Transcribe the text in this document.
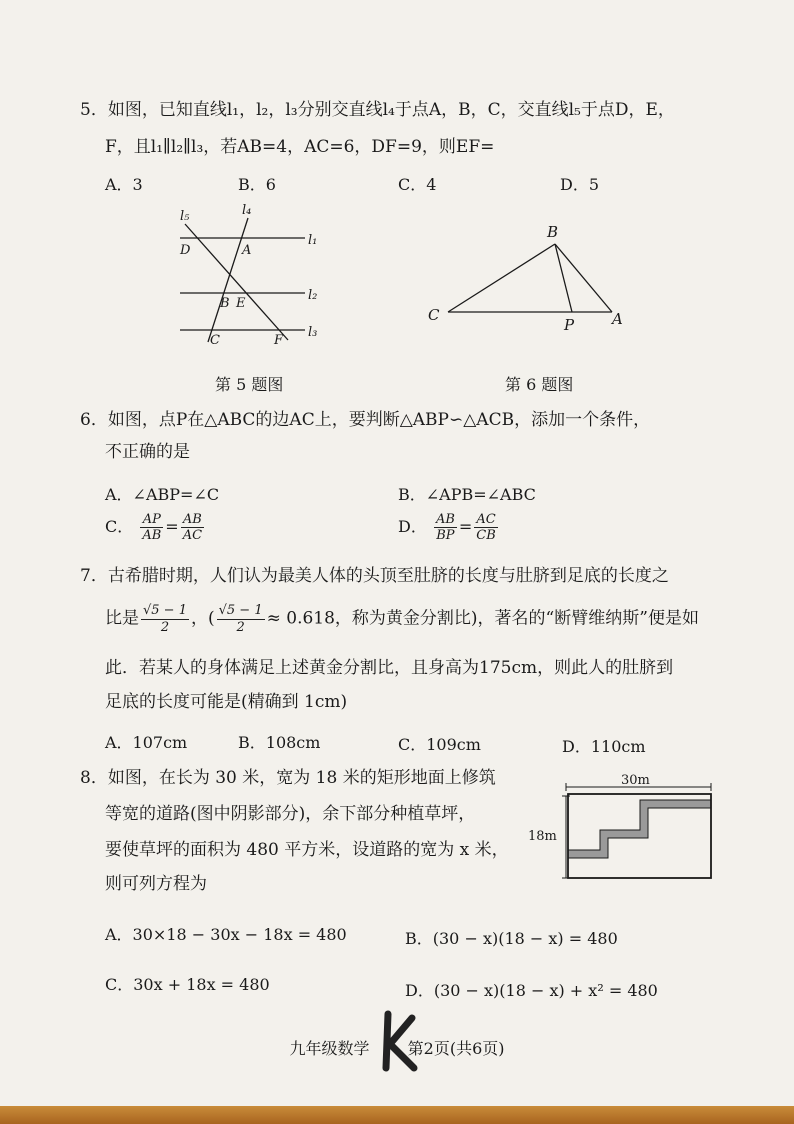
5．如图，已知直线l₁，l₂，l₃分别交直线l₄于点A，B，C，交直线l₅于点D，E，
F，且l₁∥l₂∥l₃，若AB=4，AC=6，DF=9，则EF=
A．3	B．6	C．4	D．5
l₅	l₄
l₁
l₂
l₃
D	A
B E
C	F
第 5 题图
B
C
P	A
第 6 题图
6．如图，点P在△ABC的边AC上，要判断△ABP∽△ACB，添加一个条件，
不正确的是
A．∠ABP=∠C	B．∠APB=∠ABC
C． $\frac{AP}{AB} = \frac{AB}{AC}$	D． $\frac{AB}{BP} = \frac{AC}{CB}$
7．古希腊时期，人们认为最美人体的头顶至肚脐的长度与肚脐到足底的长度之
比是 $\frac{√5 - 1}{2}$ ，( $\frac{√5 - 1}{2} \approx 0.618$，称为黄金分割比)，著名的“断臂维纳斯”便是如
此．若某人的身体满足上述黄金分割比，且身高为175cm，则此人的肚脐到
足底的长度可能是(精确到 1cm)
A．107cm	B．108cm	C．109cm	D．110cm
8．如图，在长为 30 米，宽为 18 米的矩形地面上修筑
等宽的道路(图中阴影部分)，余下部分种植草坪，
要使草坪的面积为 480 平方米，设道路的宽为 x 米，
则可列方程为
30m
18m
A．30×18 − 30x − 18x = 480	B．(30 − x)(18 − x) = 480
C．30x + 18x = 480	D．(30 − x)(18 − x) + x² = 480
九年级数学 第2页(共6页)
